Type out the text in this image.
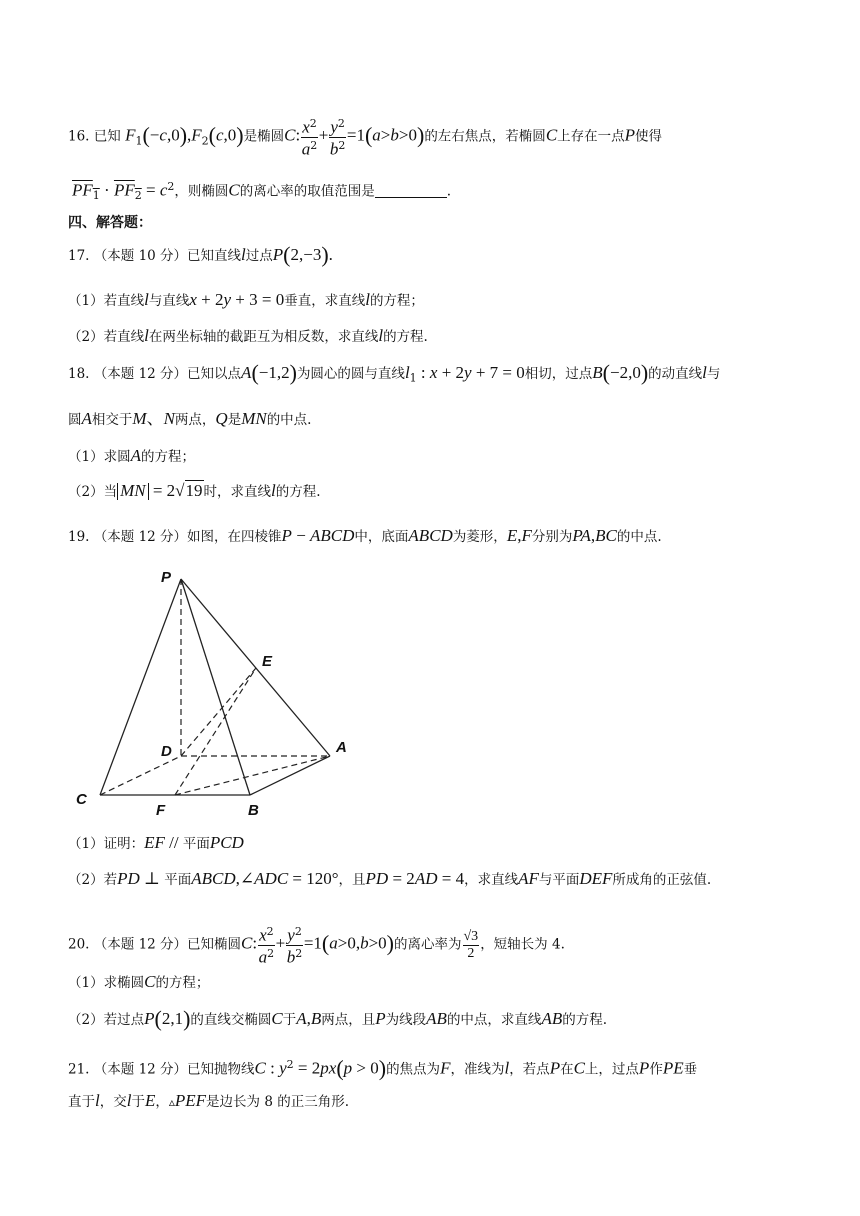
16. 已知 $F_1(-c,0),F_2(c,0)$是椭圆C: $\frac{x^2}{a^2} + \frac{y^2}{b^2} =1(a>b>0)$的左右焦点，若椭圆C上存在一点P使得
$\overline{PF}_1 \cdot \overline{PF}_2 = c^2$，则椭圆C的离心率的取值范围是	.
四、解答题：
17. （本题 10 分）已知直线l过点P(2,−3).
（1）若直线l与直线x + 2y + 3 = 0垂直，求直线l的方程；
（2）若直线l在两坐标轴的截距互为相反数，求直线l的方程.
18. （本题 12 分）已知以点A(−1,2)为圆心的圆与直线$l_1$ : x + 2y + 7 = 0相切，过点B(−2,0)的动直线l与
圆A相交于M、N两点，Q是MN的中点.
（1）求圆A的方程；
（2）当 MN = 2√19时，求直线l的方程.
19. （本题 12 分）如图，在四棱锥P − ABCD中，底面ABCD为菱形，E,F分别为PA,BC的中点.
P
E
D	A
C
F	B
（1）证明：EF // 平面PCD
（2）若PD ⊥ 平面ABCD,∠ADC = 120°，且PD = 2AD = 4，求直线AF与平面DEF所成角的正弦值.
20. （本题 12 分）已知椭圆C: $\frac{x^2}{a^2} + \frac{y^2}{b^2} =1(a>0,b>0)$的离心率为 $\frac{√3}{2}$ ，短轴长为 4.
（1）求椭圆C的方程；
（2）若过点P(2,1)的直线交椭圆C于A,B两点，且P为线段AB的中点，求直线AB的方程.
21. （本题 12 分）已知抛物线C : $y^2 = 2px(p > 0)$的焦点为F，准线为l，若点P在C上，过点P作PE垂
直于l，交l于E，▵PEF是边长为 8 的正三角形.
